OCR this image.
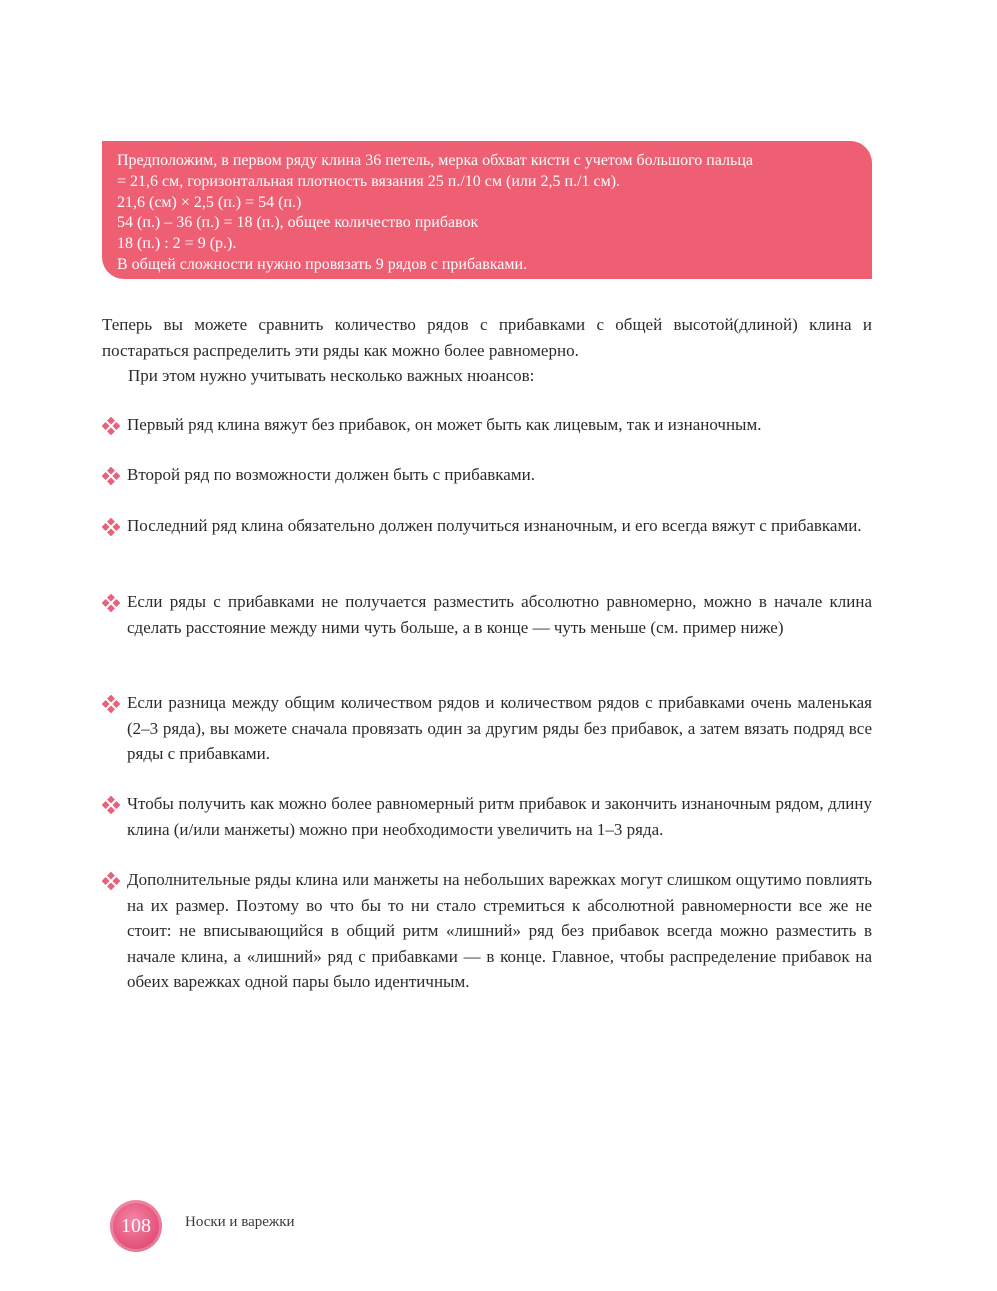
Предположим, в первом ряду клина 36 петель, мерка обхват кисти с учетом большого пальца
= 21,6 см, горизонтальная плотность вязания 25 п./10 см (или 2,5 п./1 см).
21,6 (см) × 2,5 (п.) = 54 (п.)
54 (п.) – 36 (п.) = 18 (п.), общее количество прибавок
18 (п.) : 2 = 9 (р.).
В общей сложности нужно провязать 9 рядов с прибавками.

Теперь вы можете сравнить количество рядов с прибавками с общей высотой(длиной) клина и постараться распределить эти ряды как можно более равномерно.

При этом нужно учитывать несколько важных нюансов:

Первый ряд клина вяжут без прибавок, он может быть как лицевым, так и изнаночным.
Второй ряд по возможности должен быть с прибавками.
Последний ряд клина обязательно должен получиться изнаночным, и его всегда вяжут с прибавками.
Если ряды с прибавками не получается разместить абсолютно равномерно, можно в начале клина сделать расстояние между ними чуть больше, а в конце — чуть меньше (см. пример ниже)
Если разница между общим количеством рядов и количеством рядов с прибавками очень маленькая (2–3 ряда), вы можете сначала провязать один за другим ряды без прибавок, а затем вязать подряд все ряды с прибавками.
Чтобы получить как можно более равномерный ритм прибавок и закончить изнаночным рядом, длину клина (и/или манжеты) можно при необходимости увеличить на 1–3 ряда.
Дополнительные ряды клина или манжеты на небольших варежках могут слишком ощутимо повлиять на их размер. Поэтому во что бы то ни стало стремиться к абсолютной равномерности все же не стоит: не вписывающийся в общий ритм «лишний» ряд без прибавок всегда можно разместить в начале клина, а «лишний» ряд с прибавками — в конце. Главное, чтобы распределение прибавок на обеих варежках одной пары было идентичным.
108 Носки и варежки
